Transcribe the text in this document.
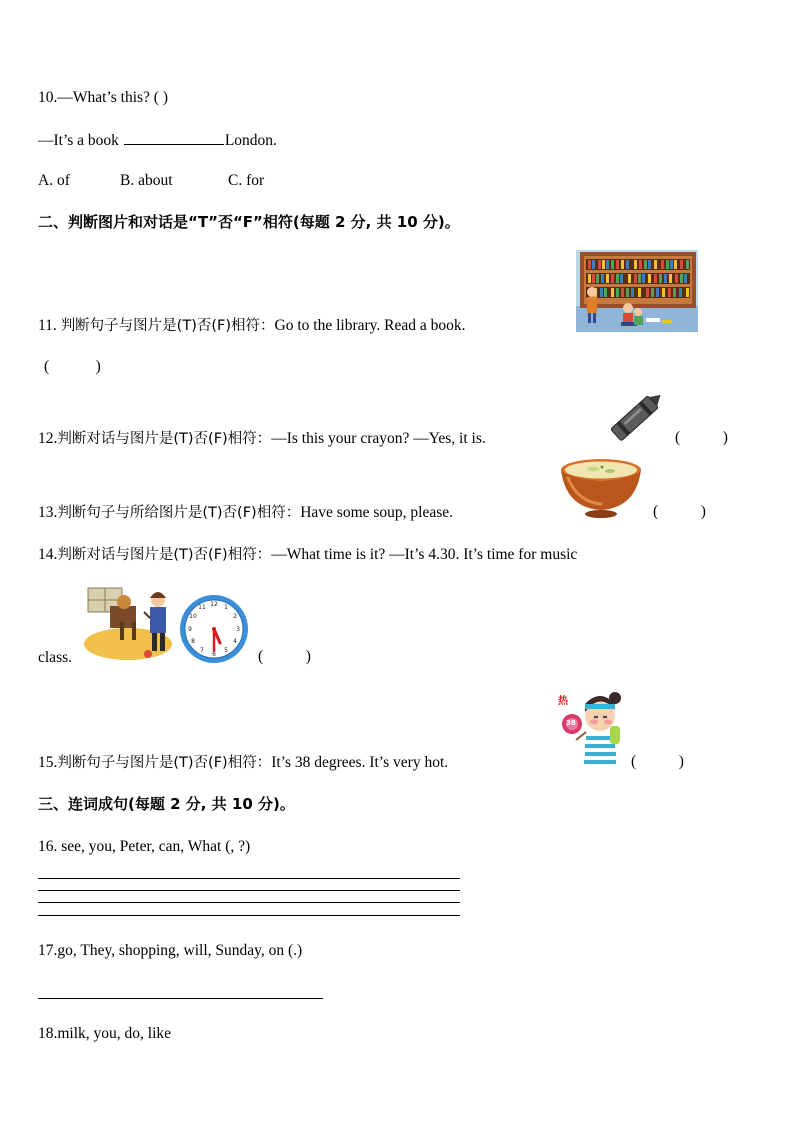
10.—What’s this? ( )
—It’s a book	London.
A. of	B. about	C. for
二、判断图片和对话是“T”否“F”相符(每题 2 分, 共 10 分)。
11. 判断句子与图片是(T)否(F)相符：Go to the library. Read a book.
(            )
12.判断对话与图片是(T)否(F)相符：—Is this your crayon? —Yes, it is.	(           )
13.判断句子与所给图片是(T)否(F)相符：Have some soup, please.	(           )
14.判断对话与图片是(T)否(F)相符：—What time is it? —It’s 4.30. It’s time for music
12 1
2
3
4
5
6
7
8
9
10
11
class.	(           )
15.判断句子与图片是(T)否(F)相符：It’s 38 degrees. It’s very hot.
热
38
(           )
三、连词成句(每题 2 分, 共 10 分)。
16. see, you, Peter, can, What (, ?)
17.go, They, shopping, will, Sunday, on (.)
18.milk, you, do, like
